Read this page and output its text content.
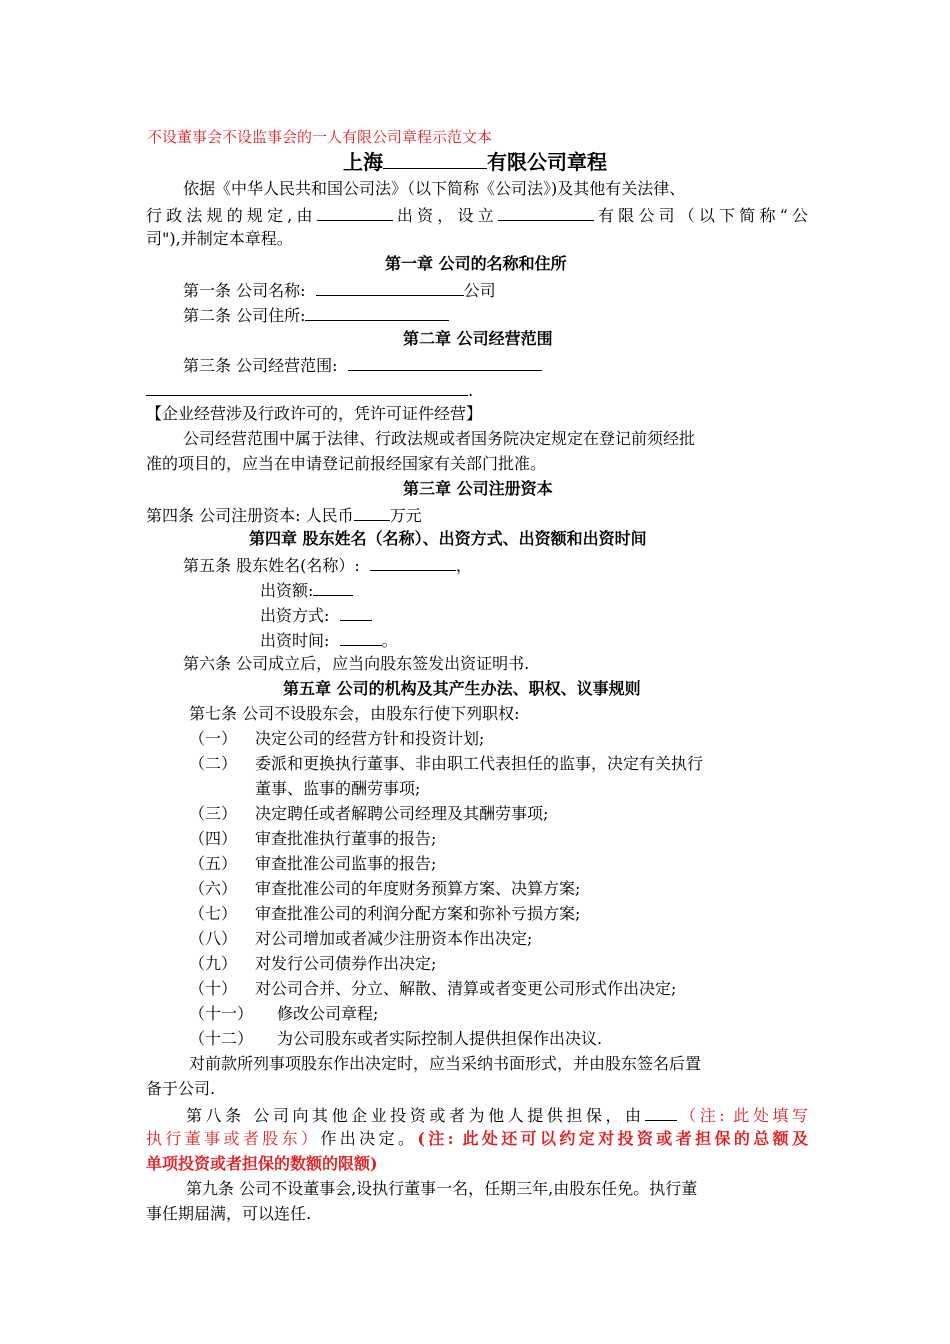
不设董事会不设监事会的一人有限公司章程示范文本
上海	有限公司章程
依据《中华人民共和国公司法》（以下简称《公司法》)及其他有关法律、
行政法规的规定,由	出资，设立	有限公司（以下简称“公
司"),并制定本章程。
第一章 公司的名称和住所
第一条 公司名称:	公司
第二条 公司住所:
第二章 公司经营范围
第三条 公司经营范围:
.
【企业经营涉及行政许可的，凭许可证件经营】
公司经营范围中属于法律、行政法规或者国务院决定规定在登记前须经批
准的项目的，应当在申请登记前报经国家有关部门批准。
第三章 公司注册资本
第四条 公司注册资本: 人民币 万元
第四章 股东姓名（名称）、出资方式、出资额和出资时间
第五条 股东姓名(名称）:	，
出资额:
出资方式:
出资时间:	。
第六条 公司成立后，应当向股东签发出资证明书.
第五章 公司的机构及其产生办法、职权、议事规则
第七条 公司不设股东会，由股东行使下列职权:
（一） 决定公司的经营方针和投资计划;
（二） 委派和更换执行董事、非由职工代表担任的监事，决定有关执行
董事、监事的酬劳事项;
（三） 决定聘任或者解聘公司经理及其酬劳事项;
（四） 审查批准执行董事的报告;
（五） 审查批准公司监事的报告;
（六） 审查批准公司的年度财务预算方案、决算方案;
（七） 审查批准公司的利润分配方案和弥补亏损方案;
（八） 对公司增加或者减少注册资本作出决定;
（九） 对发行公司债券作出决定;
（十） 对公司合并、分立、解散、清算或者变更公司形式作出决定;
（十一） 修改公司章程;
（十二） 为公司股东或者实际控制人提供担保作出决议.
对前款所列事项股东作出决定时，应当采纳书面形式，并由股东签名后置
备于公司.
第八条 公司向其他企业投资或者为他人提供担保，由 （注: 此处填写
执行董事或者股东）作出决定。(注: 此处还可以约定对投资或者担保的总额及
单项投资或者担保的数额的限额)
第九条 公司不设董事会,设执行董事一名，任期三年,由股东任免。执行董
事任期届满，可以连任.
